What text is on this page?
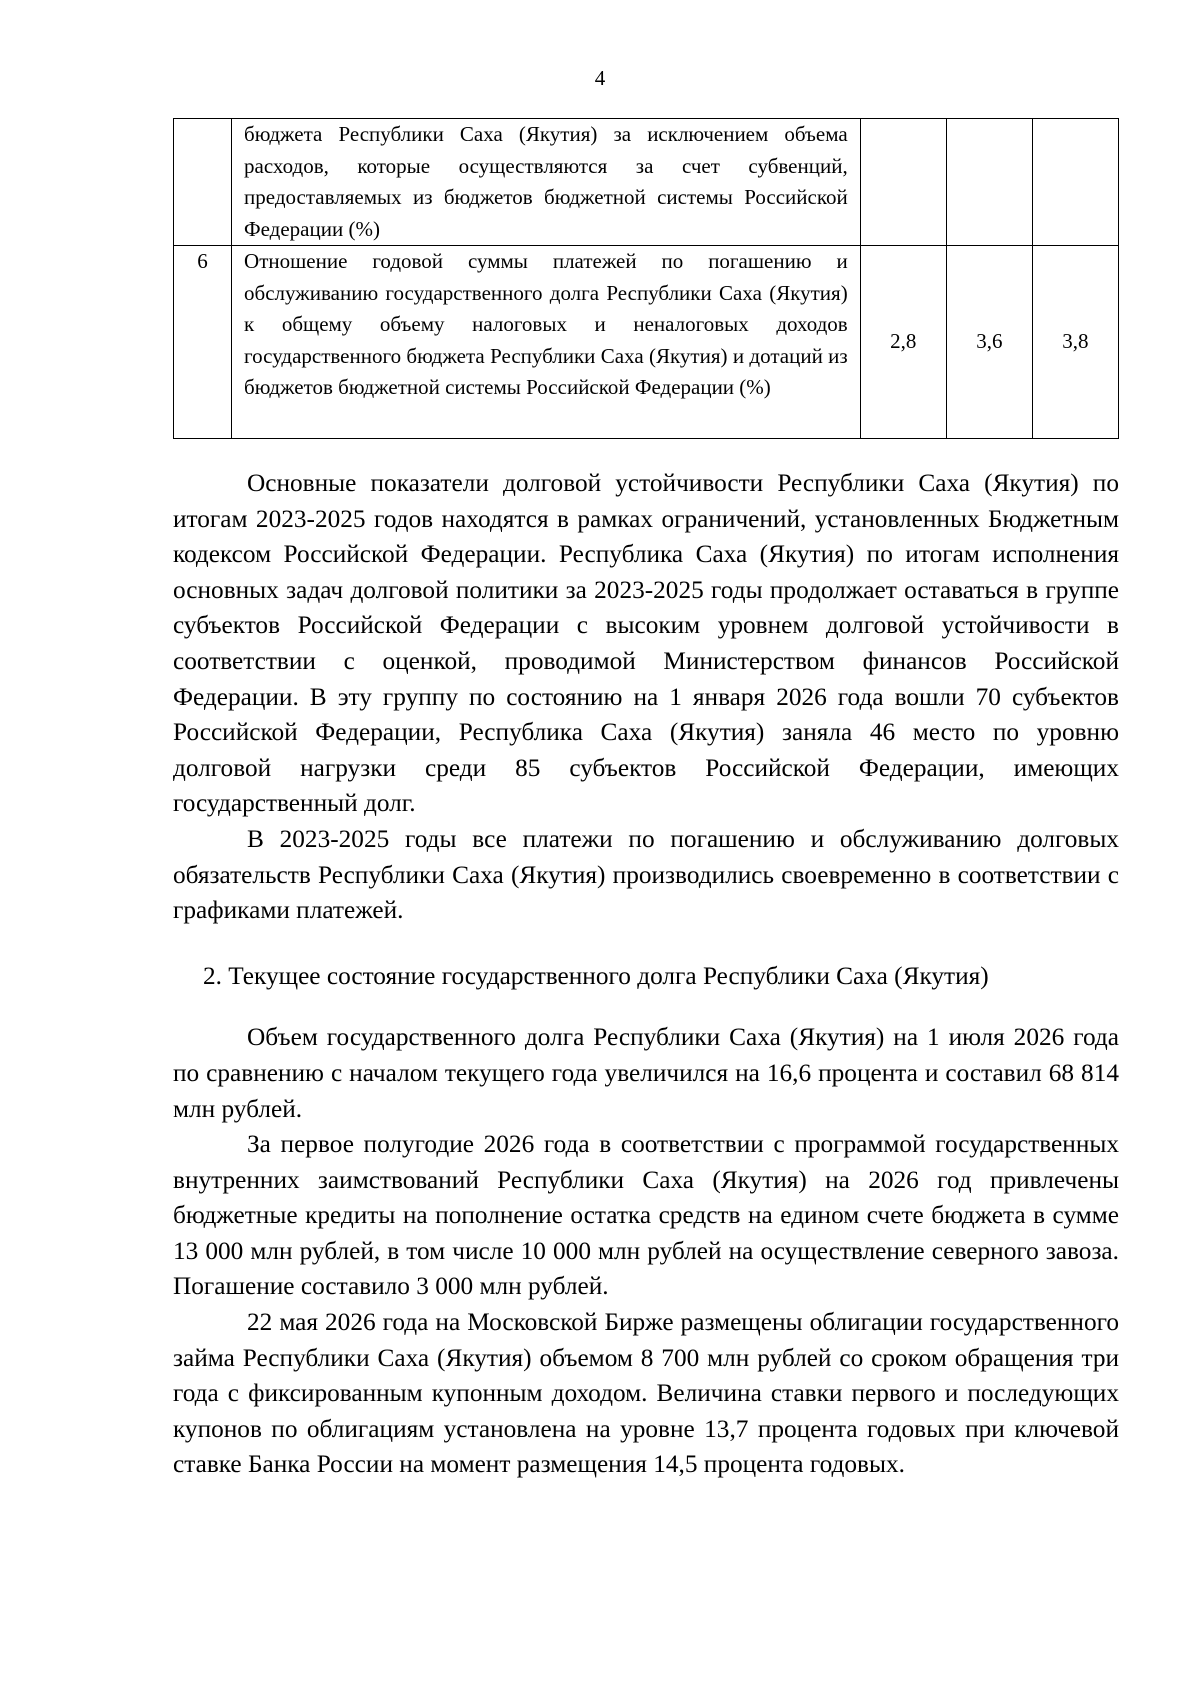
4
	бюджета Республики Саха (Якутия) за исключением объема расходов, которые осуществляются за счет субвенций, предоставляемых из бюджетов бюджетной системы Российской Федерации (%)			
6	Отношение годовой суммы платежей по погашению и обслуживанию государственного долга Республики Саха (Якутия) к общему объему налоговых и неналоговых доходов государственного бюджета Республики Саха (Якутия) и дотаций из бюджетов бюджетной системы Российской Федерации (%)	2,8	3,6	3,8

Основные показатели долговой устойчивости Республики Саха (Якутия) по итогам 2023-2025 годов находятся в рамках ограничений, установленных Бюджетным кодексом Российской Федерации. Республика Саха (Якутия) по итогам исполнения основных задач долговой политики за 2023-2025 годы продолжает оставаться в группе субъектов Российской Федерации с высоким уровнем долговой устойчивости в соответствии с оценкой, проводимой Министерством финансов Российской Федерации. В эту группу по состоянию на 1 января 2026 года вошли 70 субъектов Российской Федерации, Республика Саха (Якутия) заняла 46 место по уровню долговой нагрузки среди 85 субъектов Российской Федерации, имеющих государственный долг.

В 2023-2025 годы все платежи по погашению и обслуживанию долговых обязательств Республики Саха (Якутия) производились своевременно в соответствии с графиками платежей.

2. Текущее состояние государственного долга Республики Саха (Якутия)

Объем государственного долга Республики Саха (Якутия) на 1 июля 2026 года по сравнению с началом текущего года увеличился на 16,6 процента и составил 68 814 млн рублей.

За первое полугодие 2026 года в соответствии с программой государственных внутренних заимствований Республики Саха (Якутия) на 2026 год привлечены бюджетные кредиты на пополнение остатка средств на едином счете бюджета в сумме 13 000 млн рублей, в том числе 10 000 млн рублей на осуществление северного завоза. Погашение составило 3 000 млн рублей.

22 мая 2026 года на Московской Бирже размещены облигации государственного займа Республики Саха (Якутия) объемом 8 700 млн рублей со сроком обращения три года с фиксированным купонным доходом. Величина ставки первого и последующих купонов по облигациям установлена на уровне 13,7 процента годовых при ключевой ставке Банка России на момент размещения 14,5 процента годовых.
